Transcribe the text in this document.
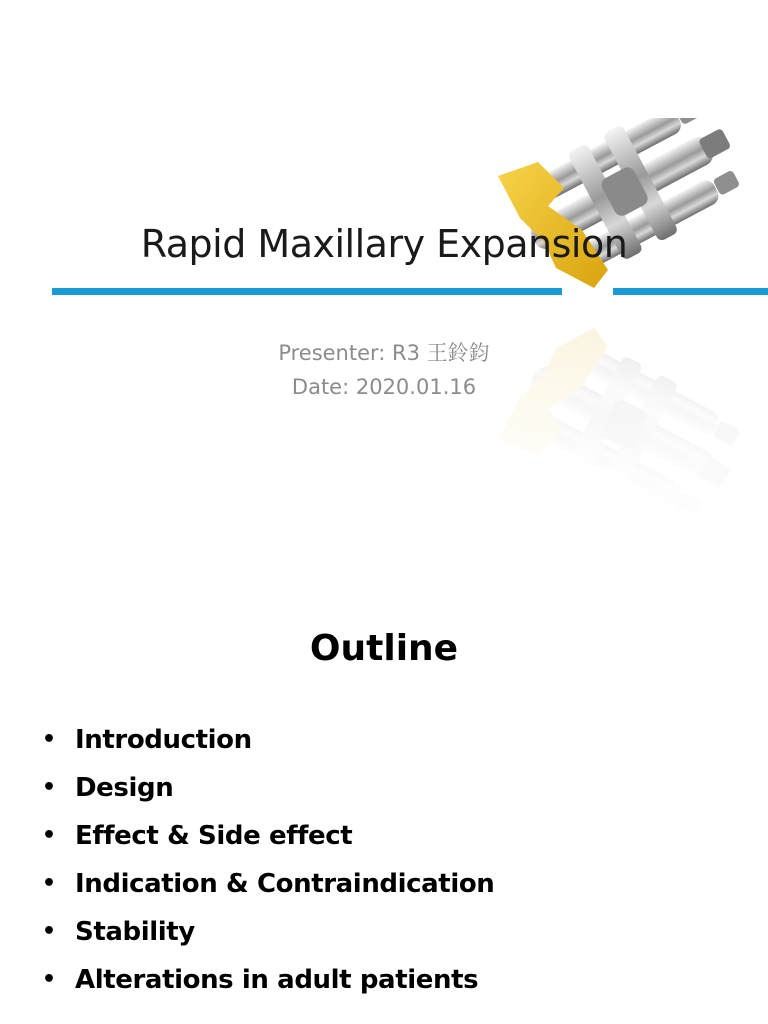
Rapid Maxillary Expansion
Presenter: R3 王鈴鈞
Date: 2020.01.16
Outline
• Introduction
• Design
• Effect & Side effect
• Indication & Contraindication
• Stability
• Alterations in adult patients
